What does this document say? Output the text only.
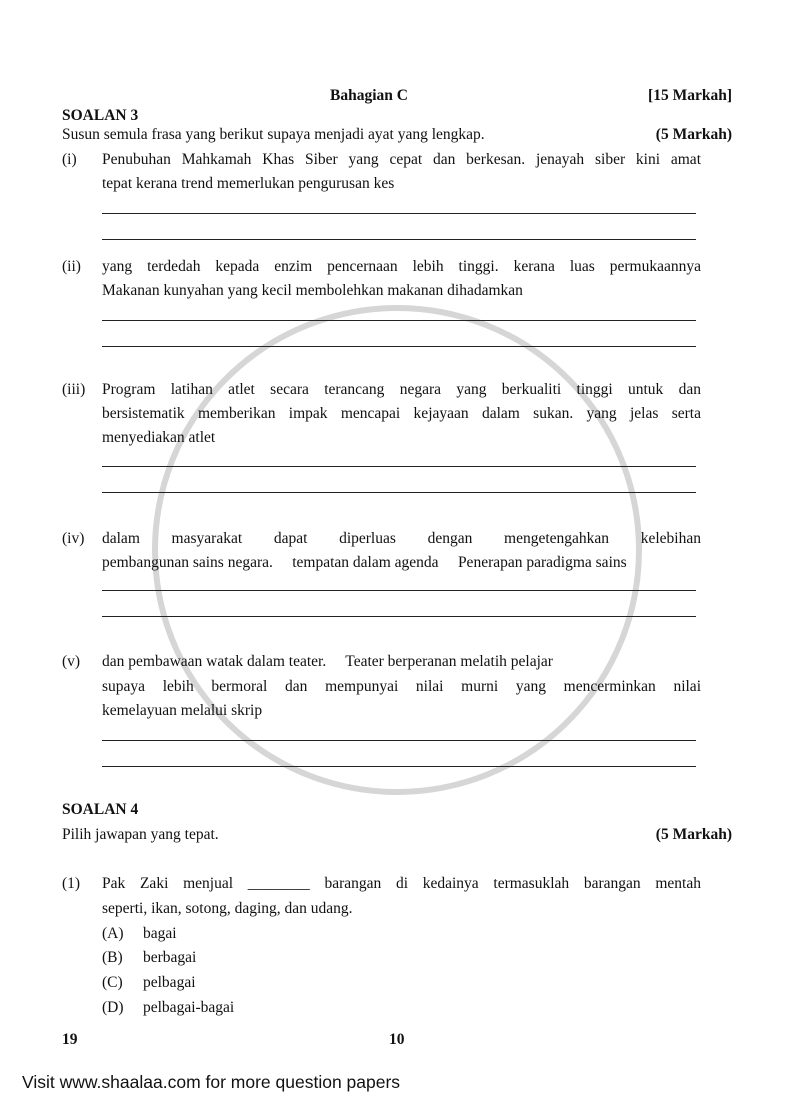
Bahagian C	[15 Markah]
SOALAN 3
Susun semula frasa yang berikut supaya menjadi ayat yang lengkap.	(5 Markah)
(i) Penubuhan Mahkamah Khas Siber yang cepat dan berkesan. jenayah siber kini amat
tepat kerana trend memerlukan pengurusan kes
(ii) yang terdedah kepada enzim pencernaan lebih tinggi. kerana luas permukaannya
Makanan kunyahan yang kecil membolehkan makanan dihadamkan
(iii) Program latihan atlet secara terancang negara yang berkualiti tinggi untuk dan
bersistematik memberikan impak mencapai kejayaan dalam sukan. yang jelas serta
menyediakan atlet
(iv) dalam masyarakat dapat diperluas dengan mengetengahkan kelebihan
pembangunan sains negara.     tempatan dalam agenda     Penerapan paradigma sains
(v) dan pembawaan watak dalam teater.     Teater berperanan melatih pelajar
supaya lebih bermoral dan mempunyai nilai murni yang mencerminkan nilai
kemelayuan melalui skrip
SOALAN 4
Pilih jawapan yang tepat.	(5 Markah)
(1) Pak Zaki menjual ________ barangan di kedainya termasuklah barangan mentah
seperti, ikan, sotong, daging, dan udang.
(A) bagai
(B) berbagai
(C) pelbagai
(D) pelbagai-bagai
19	10
Visit www.shaalaa.com for more question papers
